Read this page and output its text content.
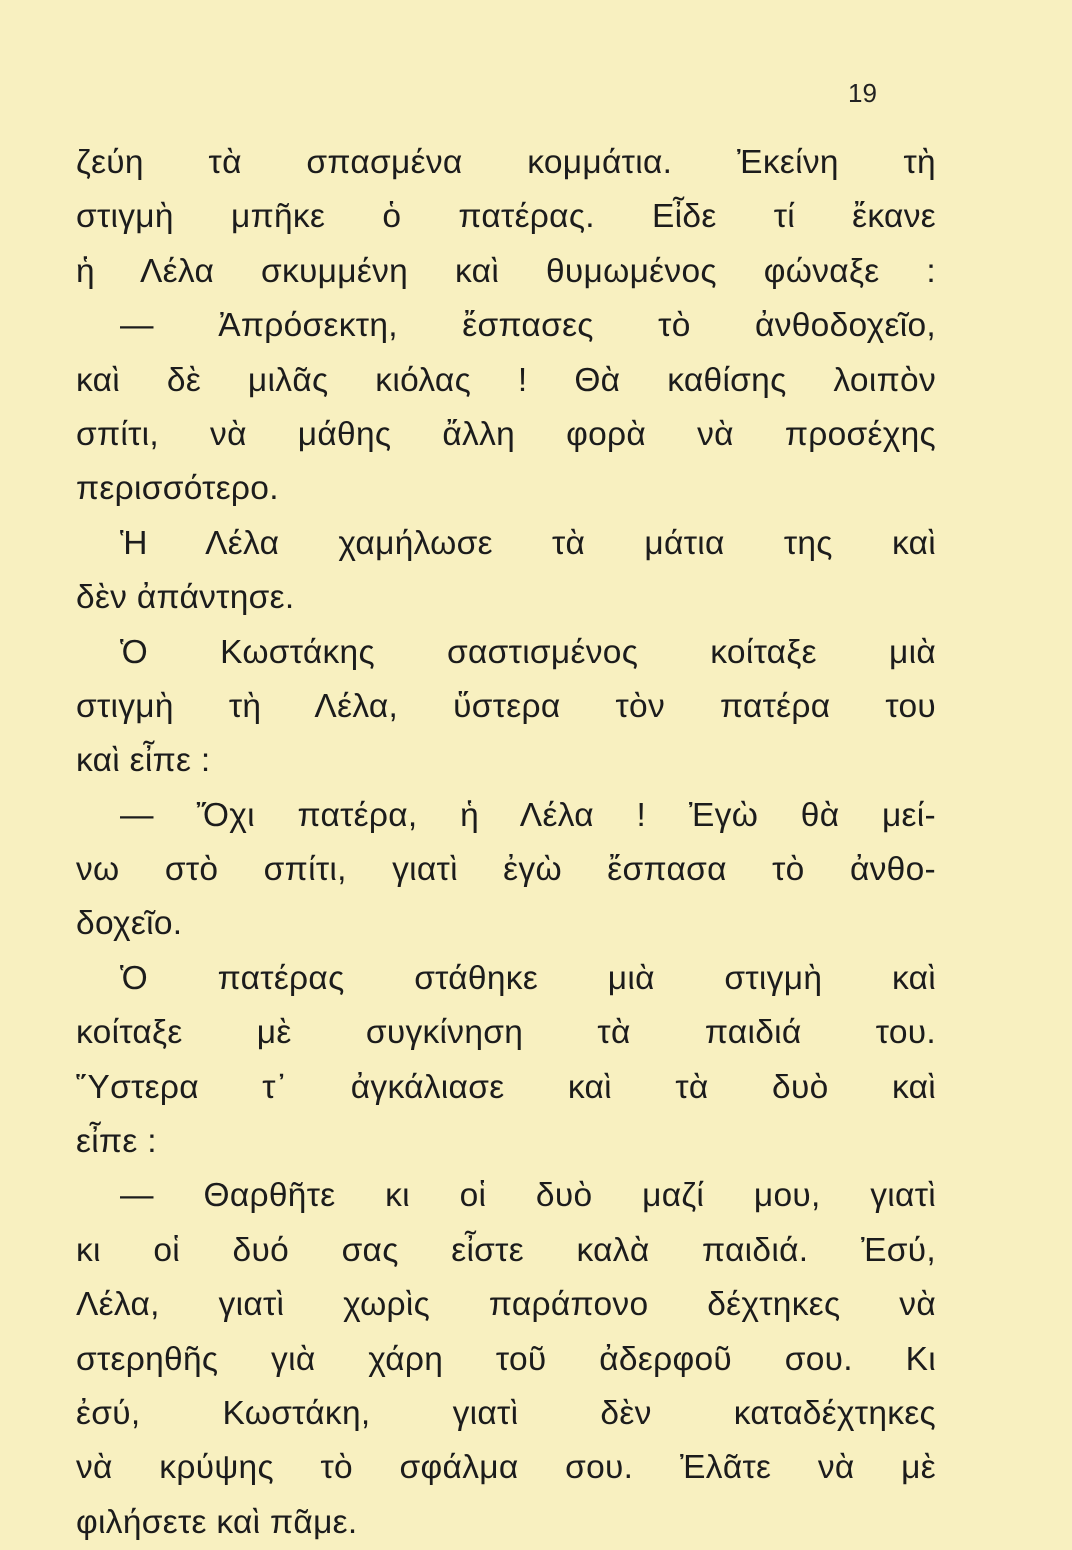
19
ζεύη τὰ σπασμένα κομμάτια. Ἐκείνη τὴ
στιγμὴ μπῆκε ὁ πατέρας. Εἶδε τί ἔκανε
ἡ Λέλα σκυμμένη καὶ θυμωμένος φώναξε :
— Ἀπρόσεκτη, ἔσπασες τὸ ἀνθοδοχεῖο,
καὶ δὲ μιλᾶς κιόλας ! Θὰ καθίσης λοιπὸν
σπίτι, νὰ μάθης ἄλλη φορὰ νὰ προσέχης
περισσότερο.
Ἡ Λέλα χαμήλωσε τὰ μάτια της καὶ
δὲν ἀπάντησε.
Ὁ Κωστάκης σαστισμένος κοίταξε μιὰ
στιγμὴ τὴ Λέλα, ὕστερα τὸν πατέρα του
καὶ εἶπε :
— Ὄχι πατέρα, ἡ Λέλα ! Ἐγὼ θὰ μεί-
νω στὸ σπίτι, γιατὶ ἐγὼ ἔσπασα τὸ ἀνθο-
δοχεῖο.
Ὁ πατέρας στάθηκε μιὰ στιγμὴ καὶ
κοίταξε μὲ συγκίνηση τὰ παιδιά του.
Ὕστερα τ᾽ ἀγκάλιασε καὶ τὰ δυὸ καὶ
εἶπε :
— Θαρθῆτε κι οἱ δυὸ μαζί μου, γιατὶ
κι οἱ δυό σας εἶστε καλὰ παιδιά. Ἐσύ,
Λέλα, γιατὶ χωρὶς παράπονο δέχτηκες νὰ
στερηθῆς γιὰ χάρη τοῦ ἀδερφοῦ σου. Κι
ἐσύ, Κωστάκη, γιατὶ δὲν καταδέχτηκες
νὰ κρύψης τὸ σφάλμα σου. Ἐλᾶτε νὰ μὲ
φιλήσετε καὶ πᾶμε.
